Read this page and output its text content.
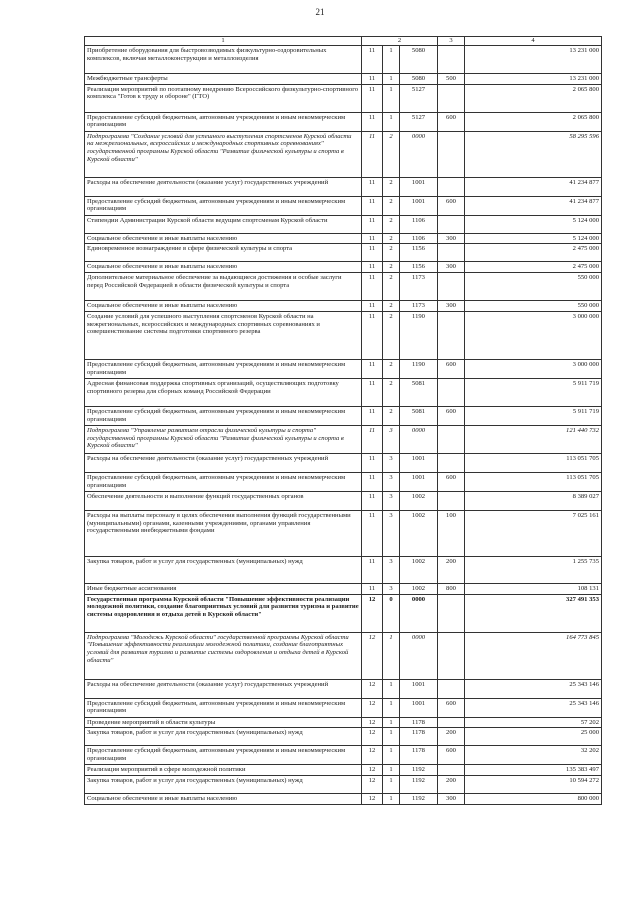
21
1	2			3	4
Приобретение оборудования для быстровозводимых физкультурно-оздоровительных комплексов, включая металлоконструкции и металлоизделия	11	1	5080		13 231 000
Межбюджетные трансферты	11	1	5080	500	13 231 000
Реализация мероприятий по поэтапному внедрению Всероссийского физкультурно-спортивного комплекса "Готов к труду и обороне" (ГТО)	11	1	5127		2 065 800
Предоставление субсидий бюджетным, автономным учреждениям и иным некоммерческим организациям	11	1	5127	600	2 065 800
Подпрограмма "Создание условий для успешного выступления спортсменов Курской области на межрегиональных, всероссийских и международных спортивных соревнованиях" государственной программы Курской области "Развитие физической культуры и спорта в Курской области"	11	2	0000		58 295 596
Расходы на обеспечение деятельности (оказание услуг) государственных учреждений	11	2	1001		41 234 877
Предоставление субсидий бюджетным, автономным учреждениям и иным некоммерческим организациям	11	2	1001	600	41 234 877
Стипендии Администрации Курской области ведущим спортсменам Курской области	11	2	1106		5 124 000
Социальное обеспечение и иные выплаты населению	11	2	1106	300	5 124 000
Единовременное вознаграждение в сфере физической культуры и спорта	11	2	1156		2 475 000
Социальное обеспечение и иные выплаты населению	11	2	1156	300	2 475 000
Дополнительное материальное обеспечение за выдающиеся достижения и особые заслуги перед Российской Федерацией в области физической культуры и спорта	11	2	1173		550 000
Социальное обеспечение и иные выплаты населению	11	2	1173	300	550 000
Создание условий для успешного выступления спортсменов Курской области на межрегиональных, всероссийских и международных спортивных соревнованиях и совершенствование системы подготовки спортивного резерва	11	2	1190		3 000 000
Предоставление субсидий бюджетным, автономным учреждениям и иным некоммерческим организациям	11	2	1190	600	3 000 000
Адресная финансовая поддержка спортивных организаций, осуществляющих подготовку спортивного резерва для сборных команд Российской Федерации	11	2	5081		5 911 719
Предоставление субсидий бюджетным, автономным учреждениям и иным некоммерческим организациям	11	2	5081	600	5 911 719
Подпрограмма "Управление развитием отрасли физической культуры и спорта" государственной программы Курской области "Развитие физической культуры и спорта в Курской области"	11	3	0000		121 440 732
Расходы на обеспечение деятельности (оказание услуг) государственных учреждений	11	3	1001		113 051 705
Предоставление субсидий бюджетным, автономным учреждениям и иным некоммерческим организациям	11	3	1001	600	113 051 705
Обеспечение деятельности и выполнение функций государственных органов	11	3	1002		8 389 027
Расходы на выплаты персоналу в целях обеспечения выполнения функций государственными (муниципальными) органами, казенными учреждениями, органами управления государственными внебюджетными фондами	11	3	1002	100	7 025 161
Закупка товаров, работ и услуг для государственных (муниципальных) нужд	11	3	1002	200	1 255 735
Иные бюджетные ассигнования	11	3	1002	800	108 131
Государственная программа Курской области "Повышение эффективности реализации молодежной политики, создание благоприятных условий для развития туризма и развитие системы оздоровления и отдыха детей в Курской области"	12	0	0000		327 491 353
Подпрограмма "Молодежь Курской области" государственной программы Курской области "Повышение эффективности реализации молодежной политики, создание благоприятных условий для развития туризма и развитие системы оздоровления и отдыха детей в Курской области"	12	1	0000		164 773 845
Расходы на обеспечение деятельности (оказание услуг) государственных учреждений	12	1	1001		25 343 146
Предоставление субсидий бюджетным, автономным учреждениям и иным некоммерческим организациям	12	1	1001	600	25 343 146
Проведение мероприятий в области культуры	12	1	1178		57 202
Закупка товаров, работ и услуг для государственных (муниципальных) нужд	12	1	1178	200	25 000
Предоставление субсидий бюджетным, автономным учреждениям и иным некоммерческим организациям	12	1	1178	600	32 202
Реализация мероприятий в сфере молодежной политики	12	1	1192		135 383 497
Закупка товаров, работ и услуг для государственных (муниципальных) нужд	12	1	1192	200	10 594 272
Социальное обеспечение и иные выплаты населению	12	1	1192	300	800 000
